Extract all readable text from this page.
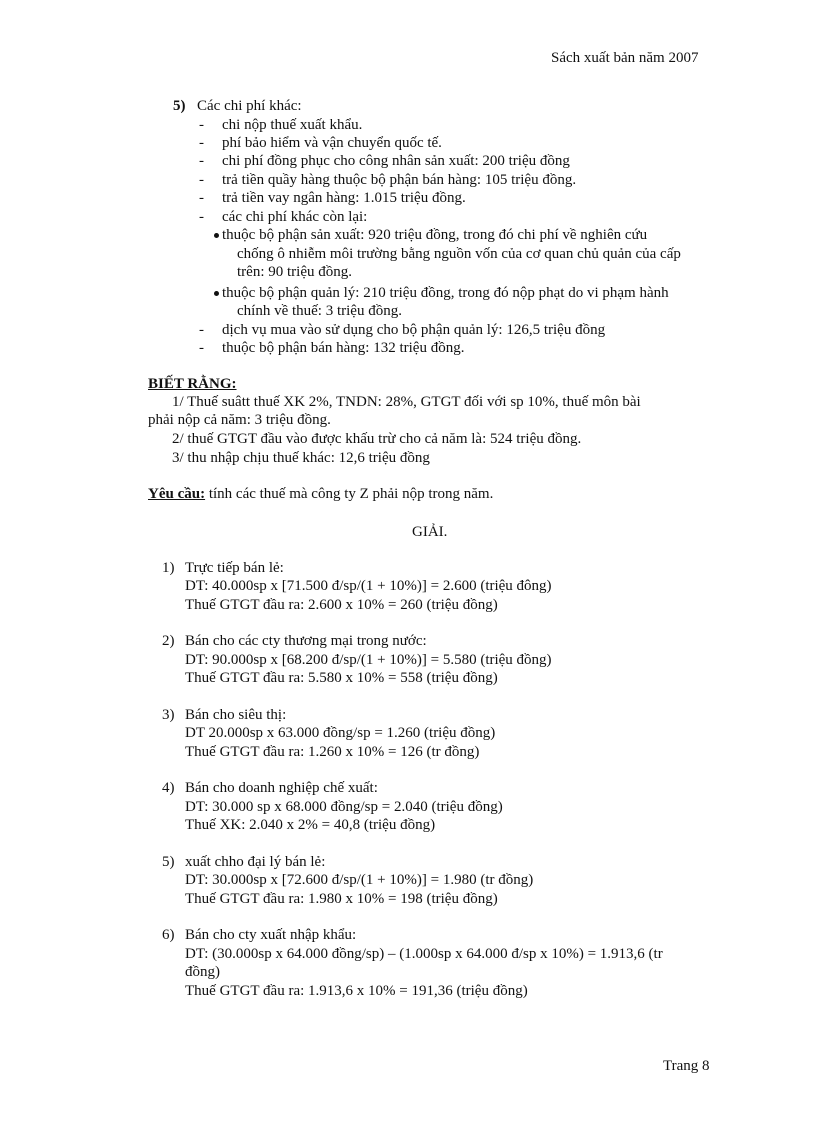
Sách xuất bản năm 2007
5) Các chi phí khác:
- chi nộp thuế xuất khẩu.
- phí bảo hiểm và vận chuyển quốc tế.
- chi phí đồng phục cho công nhân sản xuất: 200 triệu đồng
- trả tiền quầy hàng thuộc bộ phận bán hàng: 105 triệu đồng.
- trả tiền vay ngân hàng: 1.015 triệu đồng.
- các chi phí khác còn lại:
thuộc bộ phận sản xuất: 920 triệu đồng, trong đó chi phí về nghiên cứu
chống ô nhiễm môi trường bằng nguồn vốn của cơ quan chủ quản của cấp
trên: 90 triệu đồng.
thuộc bộ phận quản lý: 210 triệu đồng, trong đó nộp phạt do vi phạm hành
chính về thuế: 3 triệu đồng.
- dịch vụ mua vào sử dụng cho bộ phận quản lý: 126,5 triệu đồng
- thuộc bộ phận bán hàng: 132 triệu đồng.
BIẾT RẰNG:
1/ Thuế suâtt thuế XK 2%, TNDN: 28%, GTGT đối với sp 10%, thuế môn bài
phải nộp cả năm: 3 triệu đồng.
2/ thuế GTGT đầu vào được khấu trừ cho cả năm là: 524 triệu đồng.
3/ thu nhập chịu thuế khác: 12,6 triệu đồng
Yêu cầu: tính các thuế mà công ty Z phải nộp trong năm.
GIẢI.
1) Trực tiếp bán lẻ:
DT: 40.000sp x [71.500 đ/sp/(1 + 10%)] = 2.600 (triệu đông)
Thuế GTGT đầu ra: 2.600 x 10% = 260 (triệu đồng)
2) Bán cho các cty thương mại trong nước:
DT: 90.000sp x [68.200 đ/sp/(1 + 10%)] = 5.580 (triệu đồng)
Thuế GTGT đầu ra: 5.580 x 10% = 558 (triệu đồng)
3) Bán cho siêu thị:
DT 20.000sp x 63.000 đồng/sp = 1.260 (triệu đồng)
Thuế GTGT đầu ra: 1.260 x 10% = 126 (tr đồng)
4) Bán cho doanh nghiệp chế xuất:
DT: 30.000 sp x 68.000 đồng/sp = 2.040 (triệu đồng)
Thuế XK: 2.040 x 2% = 40,8 (triệu đồng)
5) xuất chho đại lý bán lẻ:
DT: 30.000sp x [72.600 đ/sp/(1 + 10%)] = 1.980 (tr đồng)
Thuế GTGT đầu ra: 1.980 x 10% = 198 (triệu đồng)
6) Bán cho cty xuất nhập khẩu:
DT: (30.000sp x 64.000 đồng/sp) – (1.000sp x 64.000 đ/sp x 10%) = 1.913,6 (tr
đồng)
Thuế GTGT đầu ra: 1.913,6 x 10% = 191,36 (triệu đồng)
Trang 8
